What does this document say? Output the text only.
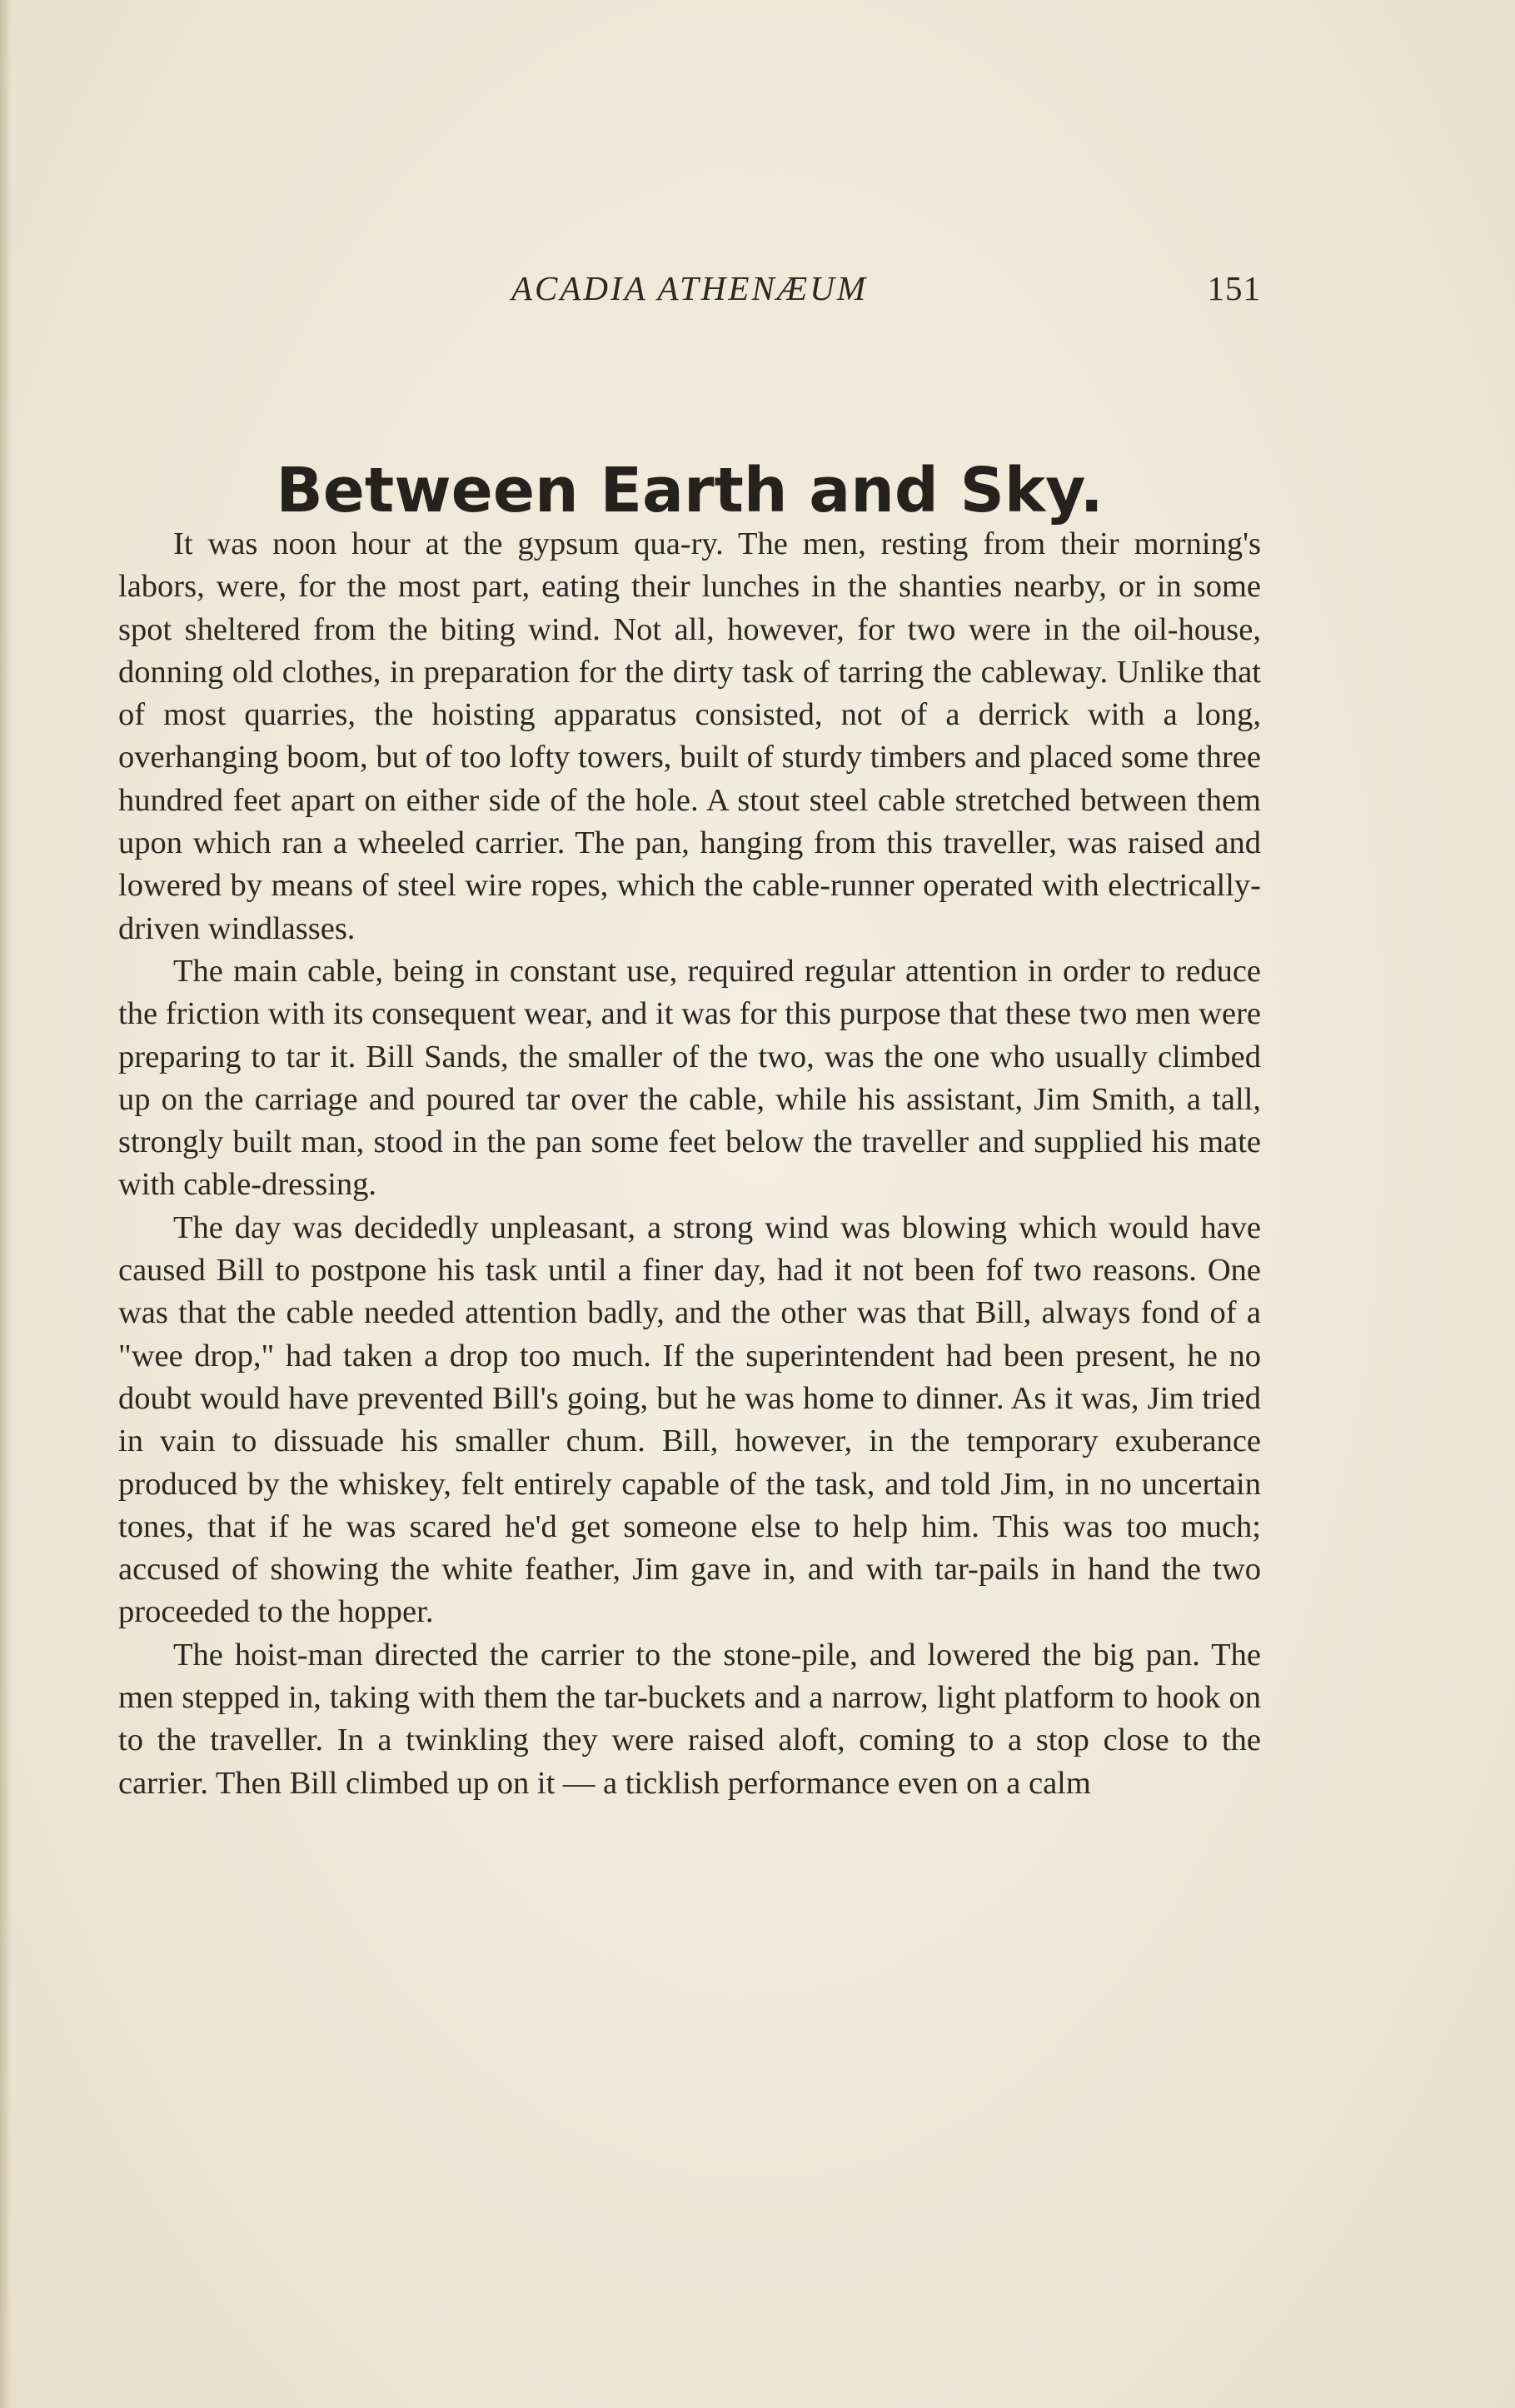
ACADIA ATHENÆUM	151
Between Earth and Sky.

It was noon hour at the gypsum qua-ry. The men, resting from their morning's labors, were, for the most part, eating their lunches in the shanties nearby, or in some spot sheltered from the biting wind. Not all, however, for two were in the oil-house, donning old clothes, in preparation for the dirty task of tarring the cableway. Unlike that of most quarries, the hoisting apparatus consisted, not of a derrick with a long, overhanging boom, but of too lofty towers, built of sturdy timbers and placed some three hundred feet apart on either side of the hole. A stout steel cable stretched between them upon which ran a wheeled carrier. The pan, hanging from this traveller, was raised and lowered by means of steel wire ropes, which the cable-runner operated with electrically-driven windlasses.

The main cable, being in constant use, required regular attention in order to reduce the friction with its consequent wear, and it was for this purpose that these two men were preparing to tar it. Bill Sands, the smaller of the two, was the one who usually climbed up on the carriage and poured tar over the cable, while his assistant, Jim Smith, a tall, strongly built man, stood in the pan some feet below the traveller and supplied his mate with cable-dressing.

The day was decidedly unpleasant, a strong wind was blowing which would have caused Bill to postpone his task until a finer day, had it not been fof two reasons. One was that the cable needed attention badly, and the other was that Bill, always fond of a "wee drop," had taken a drop too much. If the superintendent had been present, he no doubt would have prevented Bill's going, but he was home to dinner. As it was, Jim tried in vain to dissuade his smaller chum. Bill, however, in the temporary exuberance produced by the whiskey, felt entirely capable of the task, and told Jim, in no uncertain tones, that if he was scared he'd get someone else to help him. This was too much; accused of showing the white feather, Jim gave in, and with tar-pails in hand the two proceeded to the hopper.

The hoist-man directed the carrier to the stone-pile, and lowered the big pan. The men stepped in, taking with them the tar-buckets and a narrow, light platform to hook on to the traveller. In a twinkling they were raised aloft, coming to a stop close to the carrier. Then Bill climbed up on it — a ticklish performance even on a calm
